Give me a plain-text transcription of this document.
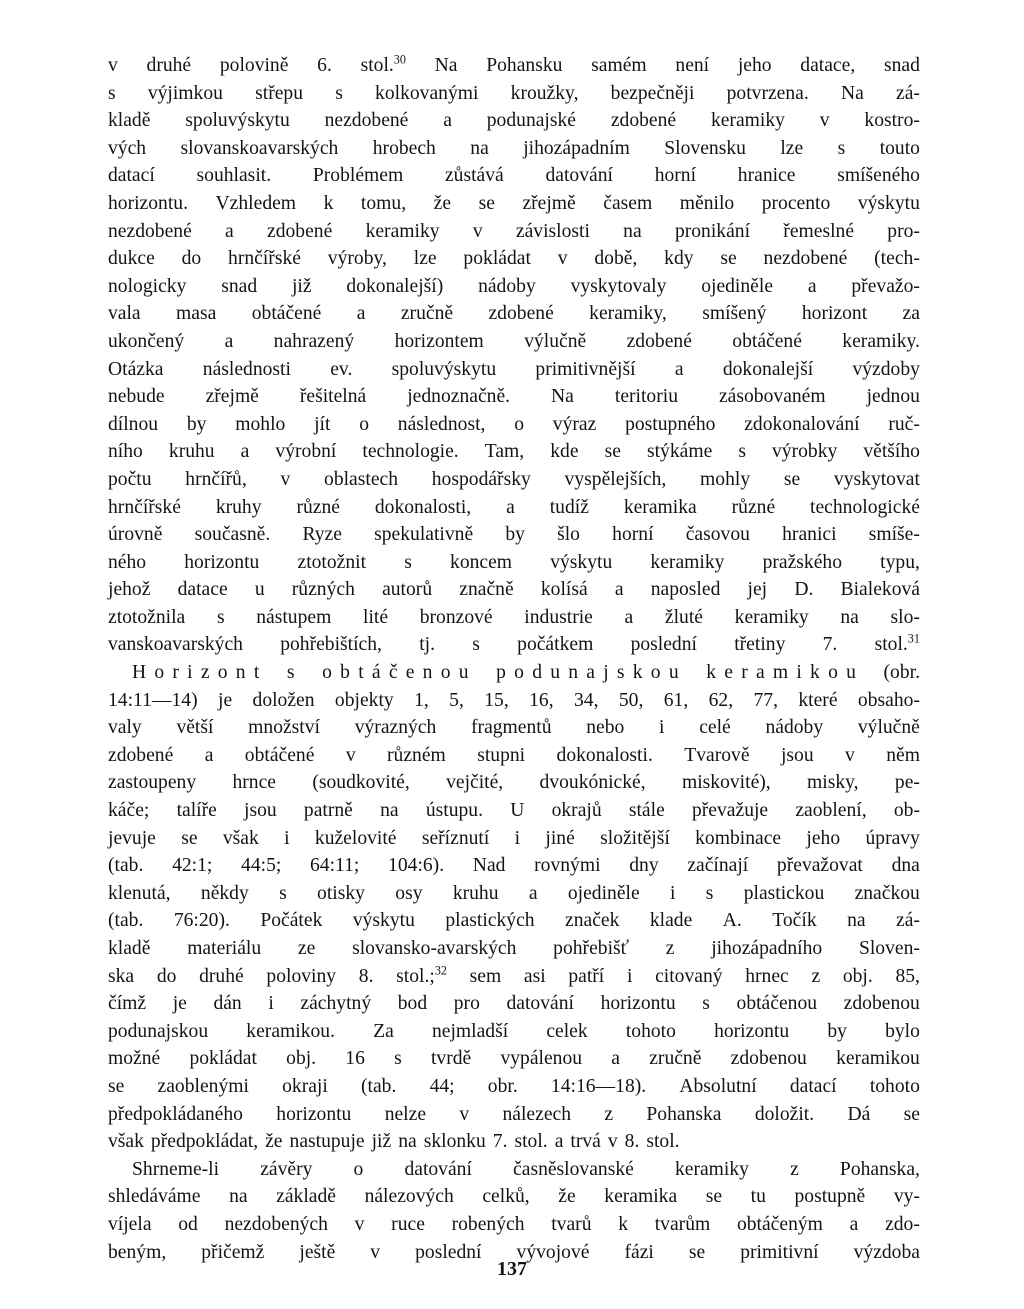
v druhé polovině 6. stol.$^{30}$ Na Pohansku samém není jeho datace, snad
s výjimkou střepu s kolkovanými kroužky, bezpečněji potvrzena. Na zá-
kladě spoluvýskytu nezdobené a podunajské zdobené keramiky v kostro-
vých slovanskoavarských hrobech na jihozápadním Slovensku lze s touto
datací souhlasit. Problémem zůstává datování horní hranice smíšeného
horizontu. Vzhledem k tomu, že se zřejmě časem měnilo procento výskytu
nezdobené a zdobené keramiky v závislosti na pronikání řemeslné pro-
dukce do hrnčířské výroby, lze pokládat v době, kdy se nezdobené (tech-
nologicky snad již dokonalejší) nádoby vyskytovaly ojediněle a převažo-
vala masa obtáčené a zručně zdobené keramiky, smíšený horizont za
ukončený a nahrazený horizontem výlučně zdobené obtáčené keramiky.
Otázka následnosti ev. spoluvýskytu primitivnější a dokonalejší výzdoby
nebude zřejmě řešitelná jednoznačně. Na teritoriu zásobovaném jednou
dílnou by mohlo jít o následnost, o výraz postupného zdokonalování ruč-
ního kruhu a výrobní technologie. Tam, kde se stýkáme s výrobky většího
počtu hrnčířů, v oblastech hospodářsky vyspělejších, mohly se vyskytovat
hrnčířské kruhy různé dokonalosti, a tudíž keramika různé technologické
úrovně současně. Ryze spekulativně by šlo horní časovou hranici smíše-
ného horizontu ztotožnit s koncem výskytu keramiky pražského typu,
jehož datace u různých autorů značně kolísá a naposled jej D. Bialeková
ztotožnila s nástupem lité bronzové industrie a žluté keramiky na slo-
vanskoavarských pohřebištích, tj. s počátkem poslední třetiny 7. stol.$^{31}$
Horizont s obtáčenou podunajskou keramikou (obr.
14:11—14) je doložen objekty 1, 5, 15, 16, 34, 50, 61, 62, 77, které obsaho-
valy větší množství výrazných fragmentů nebo i celé nádoby výlučně
zdobené a obtáčené v různém stupni dokonalosti. Tvarově jsou v něm
zastoupeny hrnce (soudkovité, vejčité, dvoukónické, miskovité), misky, pe-
káče; talíře jsou patrně na ústupu. U okrajů stále převažuje zaoblení, ob-
jevuje se však i kuželovité seříznutí i jiné složitější kombinace jeho úpravy
(tab. 42:1; 44:5; 64:11; 104:6). Nad rovnými dny začínají převažovat dna
klenutá, někdy s otisky osy kruhu a ojediněle i s plastickou značkou
(tab. 76:20). Počátek výskytu plastických značek klade A. Točík na zá-
kladě materiálu ze slovansko-avarských pohřebišť z jihozápadního Sloven-
ska do druhé poloviny 8. stol.;$^{32}$ sem asi patří i citovaný hrnec z obj. 85,
čímž je dán i záchytný bod pro datování horizontu s obtáčenou zdobenou
podunajskou keramikou. Za nejmladší celek tohoto horizontu by bylo
možné pokládat obj. 16 s tvrdě vypálenou a zručně zdobenou keramikou
se zaoblenými okraji (tab. 44; obr. 14:16—18). Absolutní datací tohoto
předpokládaného horizontu nelze v nálezech z Pohanska doložit. Dá se
však předpokládat, že nastupuje již na sklonku 7. stol. a trvá v 8. stol.
Shrneme-li závěry o datování časněslovanské keramiky z Pohanska,
shledáváme na základě nálezových celků, že keramika se tu postupně vy-
víjela od nezdobených v ruce robených tvarů k tvarům obtáčeným a zdo-
beným, přičemž ještě v poslední vývojové fázi se primitivní výzdoba
137
